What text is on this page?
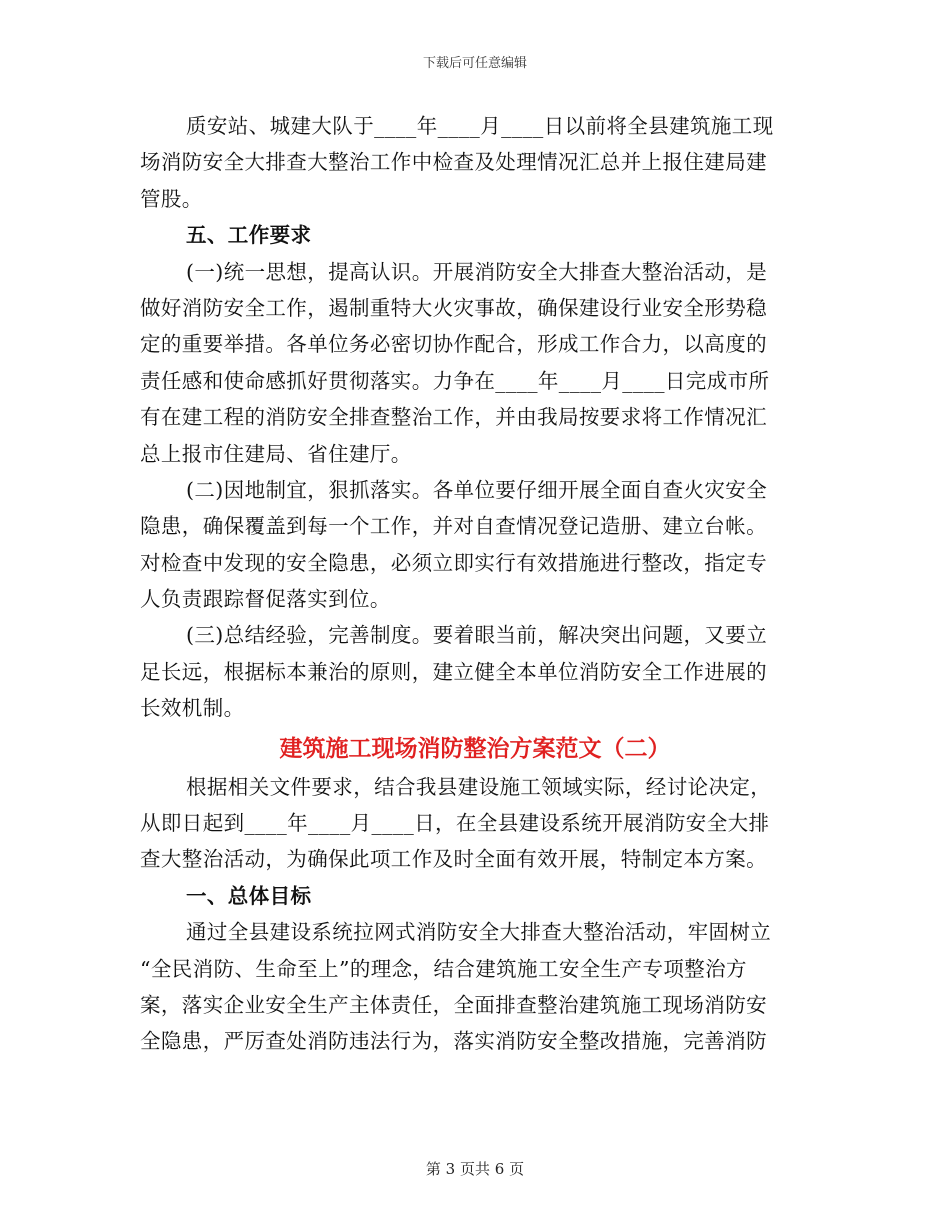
下载后可任意编辑
质安站、城建大队于____年____月____日以前将全县建筑施工现
场消防安全大排查大整治工作中检查及处理情况汇总并上报住建局建
管股。
五、工作要求
(一)统一思想，提高认识。开展消防安全大排查大整治活动，是
做好消防安全工作，遏制重特大火灾事故，确保建设行业安全形势稳
定的重要举措。各单位务必密切协作配合，形成工作合力，以高度的
责任感和使命感抓好贯彻落实。力争在____年____月____日完成市所
有在建工程的消防安全排查整治工作，并由我局按要求将工作情况汇
总上报市住建局、省住建厅。
(二)因地制宜，狠抓落实。各单位要仔细开展全面自查火灾安全
隐患，确保覆盖到每一个工作，并对自查情况登记造册、建立台帐。
对检查中发现的安全隐患，必须立即实行有效措施进行整改，指定专
人负责跟踪督促落实到位。
(三)总结经验，完善制度。要着眼当前，解决突出问题，又要立
足长远，根据标本兼治的原则，建立健全本单位消防安全工作进展的
长效机制。
建筑施工现场消防整治方案范文（二）
根据相关文件要求，结合我县建设施工领域实际，经讨论决定，
从即日起到____年____月____日，在全县建设系统开展消防安全大排
查大整治活动，为确保此项工作及时全面有效开展，特制定本方案。
一、总体目标
通过全县建设系统拉网式消防安全大排查大整治活动，牢固树立
“全民消防、生命至上”的理念，结合建筑施工安全生产专项整治方
案，落实企业安全生产主体责任，全面排查整治建筑施工现场消防安
全隐患，严厉查处消防违法行为，落实消防安全整改措施，完善消防
第 3 页共 6 页
